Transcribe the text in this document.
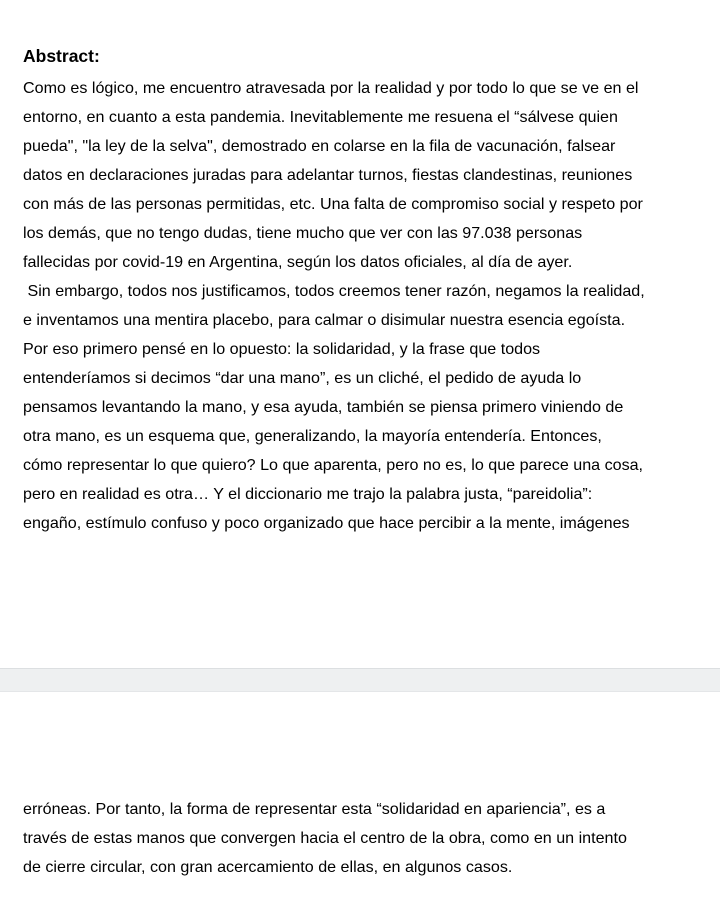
Abstract:
Como es lógico, me encuentro atravesada por la realidad y por todo lo que se ve en el
entorno, en cuanto a esta pandemia. Inevitablemente me resuena el “sálvese quien
pueda", "la ley de la selva", demostrado en colarse en la fila de vacunación, falsear
datos en declaraciones juradas para adelantar turnos, fiestas clandestinas, reuniones
con más de las personas permitidas, etc. Una falta de compromiso social y respeto por
los demás, que no tengo dudas, tiene mucho que ver con las 97.038 personas
fallecidas por covid-19 en Argentina, según los datos oficiales, al día de ayer.
Sin embargo, todos nos justificamos, todos creemos tener razón, negamos la realidad,
e inventamos una mentira placebo, para calmar o disimular nuestra esencia egoísta.
Por eso primero pensé en lo opuesto: la solidaridad, y la frase que todos
entenderíamos si decimos “dar una mano”, es un cliché, el pedido de ayuda lo
pensamos levantando la mano, y esa ayuda, también se piensa primero viniendo de
otra mano, es un esquema que, generalizando, la mayoría entendería. Entonces,
cómo representar lo que quiero? Lo que aparenta, pero no es, lo que parece una cosa,
pero en realidad es otra… Y el diccionario me trajo la palabra justa, “pareidolia”:
engaño, estímulo confuso y poco organizado que hace percibir a la mente, imágenes
erróneas. Por tanto, la forma de representar esta “solidaridad en apariencia”, es a
través de estas manos que convergen hacia el centro de la obra, como en un intento
de cierre circular, con gran acercamiento de ellas, en algunos casos.
